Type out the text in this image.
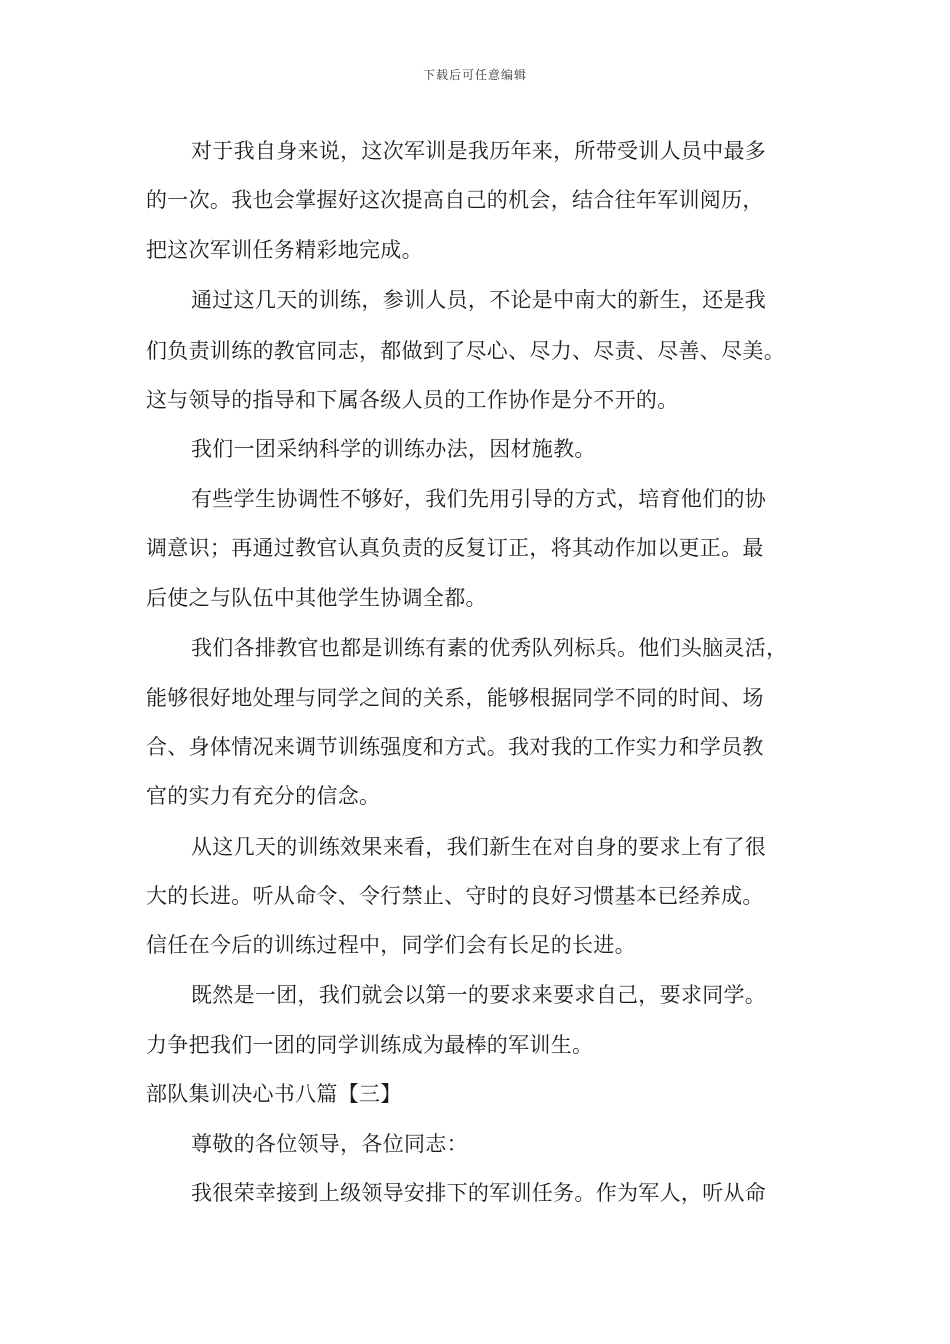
下载后可任意编辑
对于我自身来说，这次军训是我历年来，所带受训人员中最多
的一次。我也会掌握好这次提高自己的机会，结合往年军训阅历，
把这次军训任务精彩地完成。
通过这几天的训练，参训人员，不论是中南大的新生，还是我
们负责训练的教官同志，都做到了尽心、尽力、尽责、尽善、尽美。
这与领导的指导和下属各级人员的工作协作是分不开的。
我们一团采纳科学的训练办法，因材施教。
有些学生协调性不够好，我们先用引导的方式，培育他们的协
调意识；再通过教官认真负责的反复订正，将其动作加以更正。最
后使之与队伍中其他学生协调全都。
我们各排教官也都是训练有素的优秀队列标兵。他们头脑灵活，
能够很好地处理与同学之间的关系，能够根据同学不同的时间、场
合、身体情况来调节训练强度和方式。我对我的工作实力和学员教
官的实力有充分的信念。
从这几天的训练效果来看，我们新生在对自身的要求上有了很
大的长进。听从命令、令行禁止、守时的良好习惯基本已经养成。
信任在今后的训练过程中，同学们会有长足的长进。
既然是一团，我们就会以第一的要求来要求自己，要求同学。
力争把我们一团的同学训练成为最棒的军训生。
部队集训决心书八篇【三】
尊敬的各位领导，各位同志：
我很荣幸接到上级领导安排下的军训任务。作为军人，听从命
